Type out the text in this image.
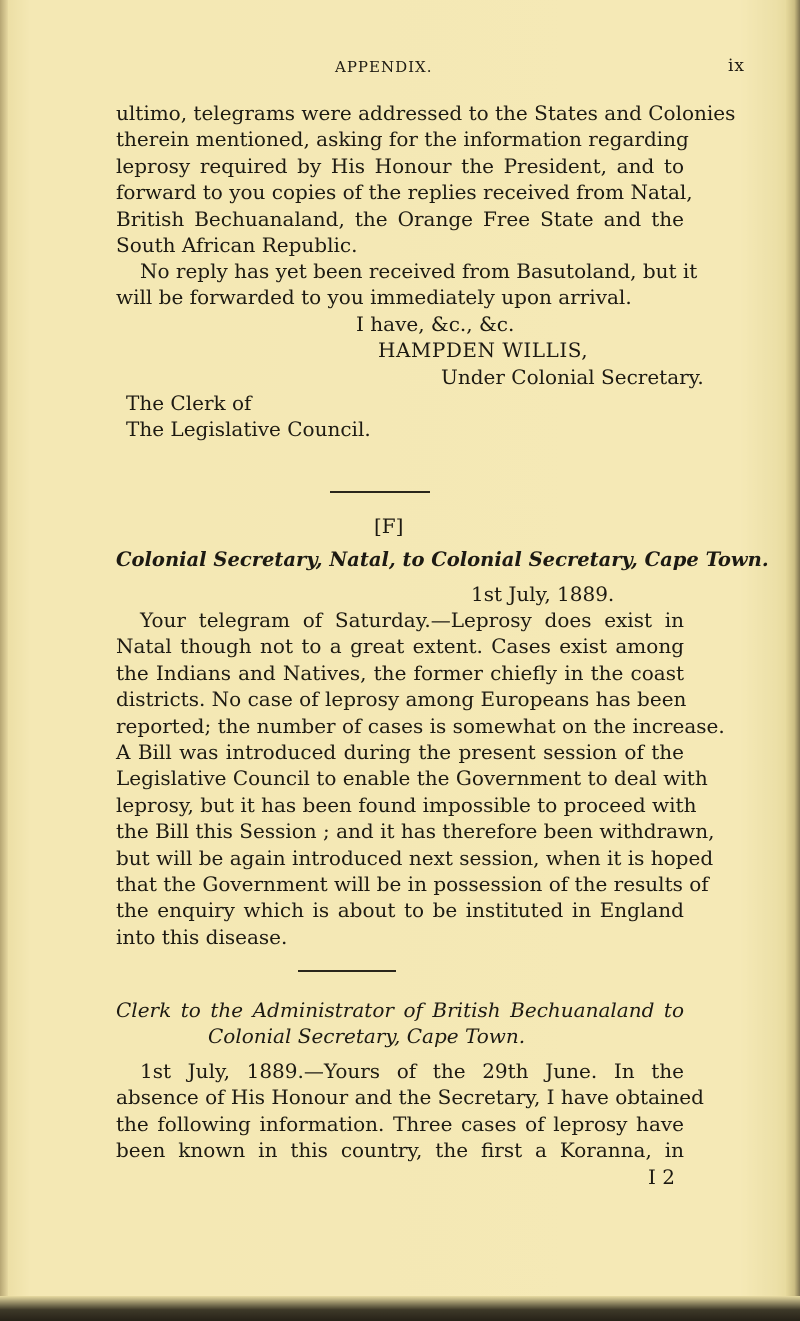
APPENDIX.	ix
ultimo, telegrams were addressed to the States and Colonies
therein mentioned, asking for the information regarding
leprosy required by His Honour the President, and to
forward to you copies of the replies received from Natal,
British Bechuanaland, the Orange Free State and the
South African Republic.
No reply has yet been received from Basutoland, but it
will be forwarded to you immediately upon arrival.
I have, &c., &c.
HAMPDEN WILLIS,
Under Colonial Secretary.
The Clerk of
The Legislative Council.
[F]
Colonial Secretary, Natal, to Colonial Secretary, Cape Town.
1st July, 1889.
Your telegram of Saturday.—Leprosy does exist in
Natal though not to a great extent. Cases exist among
the Indians and Natives, the former chiefly in the coast
districts. No case of leprosy among Europeans has been
reported; the number of cases is somewhat on the increase.
A Bill was introduced during the present session of the
Legislative Council to enable the Government to deal with
leprosy, but it has been found impossible to proceed with
the Bill this Session ; and it has therefore been withdrawn,
but will be again introduced next session, when it is hoped
that the Government will be in possession of the results of
the enquiry which is about to be instituted in England
into this disease.
Clerk to the Administrator of British Bechuanaland to
Colonial Secretary, Cape Town.
1st July, 1889.—Yours of the 29th June. In the
absence of His Honour and the Secretary, I have obtained
the following information. Three cases of leprosy have
been known in this country, the first a Koranna, in
I 2
